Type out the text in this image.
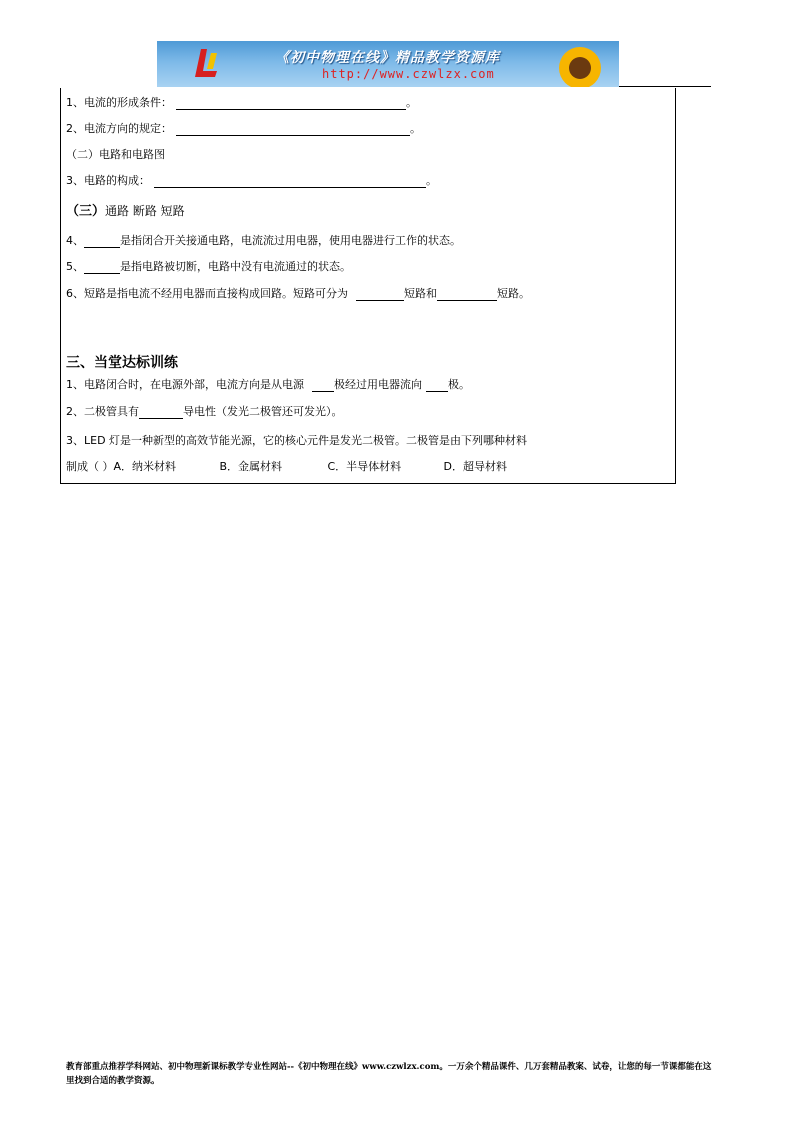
《初中物理在线》精品教学资源库
http://www.czwlzx.com
1、电流的形成条件：	。
2、电流方向的规定：	。
（二）电路和电路图
3、电路的构成：	。
（三）通路 断路 短路
4、	是指闭合开关接通电路，电流流过用电器，使用电器进行工作的状态。
5、	是指电路被切断，电路中没有电流通过的状态。
6、短路是指电流不经用电器而直接构成回路。短路可分为	短路和	短路。
三、当堂达标训练
1、电路闭合时，在电源外部，电流方向是从电源	极经过用电器流向 极。
2、二极管具有	导电性（发光二极管还可发光）。
3、LED 灯是一种新型的高效节能光源，它的核心元件是发光二极管。二极管是由下列哪种材料
制成（ ）A．纳米材料	B．金属材料	C．半导体材料	D．超导材料
教育部重点推荐学科网站、初中物理新课标教学专业性网站--《初中物理在线》www.czwlzx.com。一万余个精品课件、几万套精品教案、试卷，让您的每一节课都能在这里找到合适的教学资源。
